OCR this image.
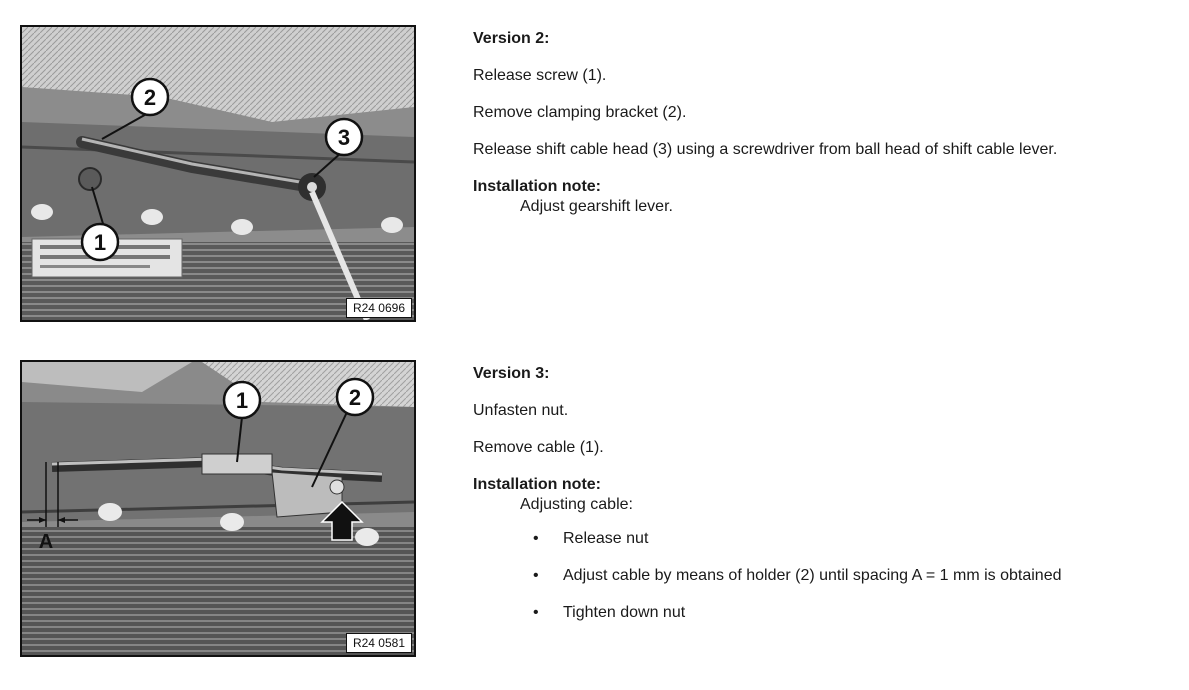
2
3
1
R24 0696

Version 2:

Release screw (1).

Remove clamping bracket (2).

Release shift cable head (3) using a screwdriver from ball head of shift cable lever.

Installation note:

Adjust gearshift lever.

A
1	2
R24 0581

Version 3:

Unfasten nut.

Remove cable (1).

Installation note:

Adjusting cable:

• Release nut
• Adjust cable by means of holder (2) until spacing A = 1 mm is obtained
• Tighten down nut
